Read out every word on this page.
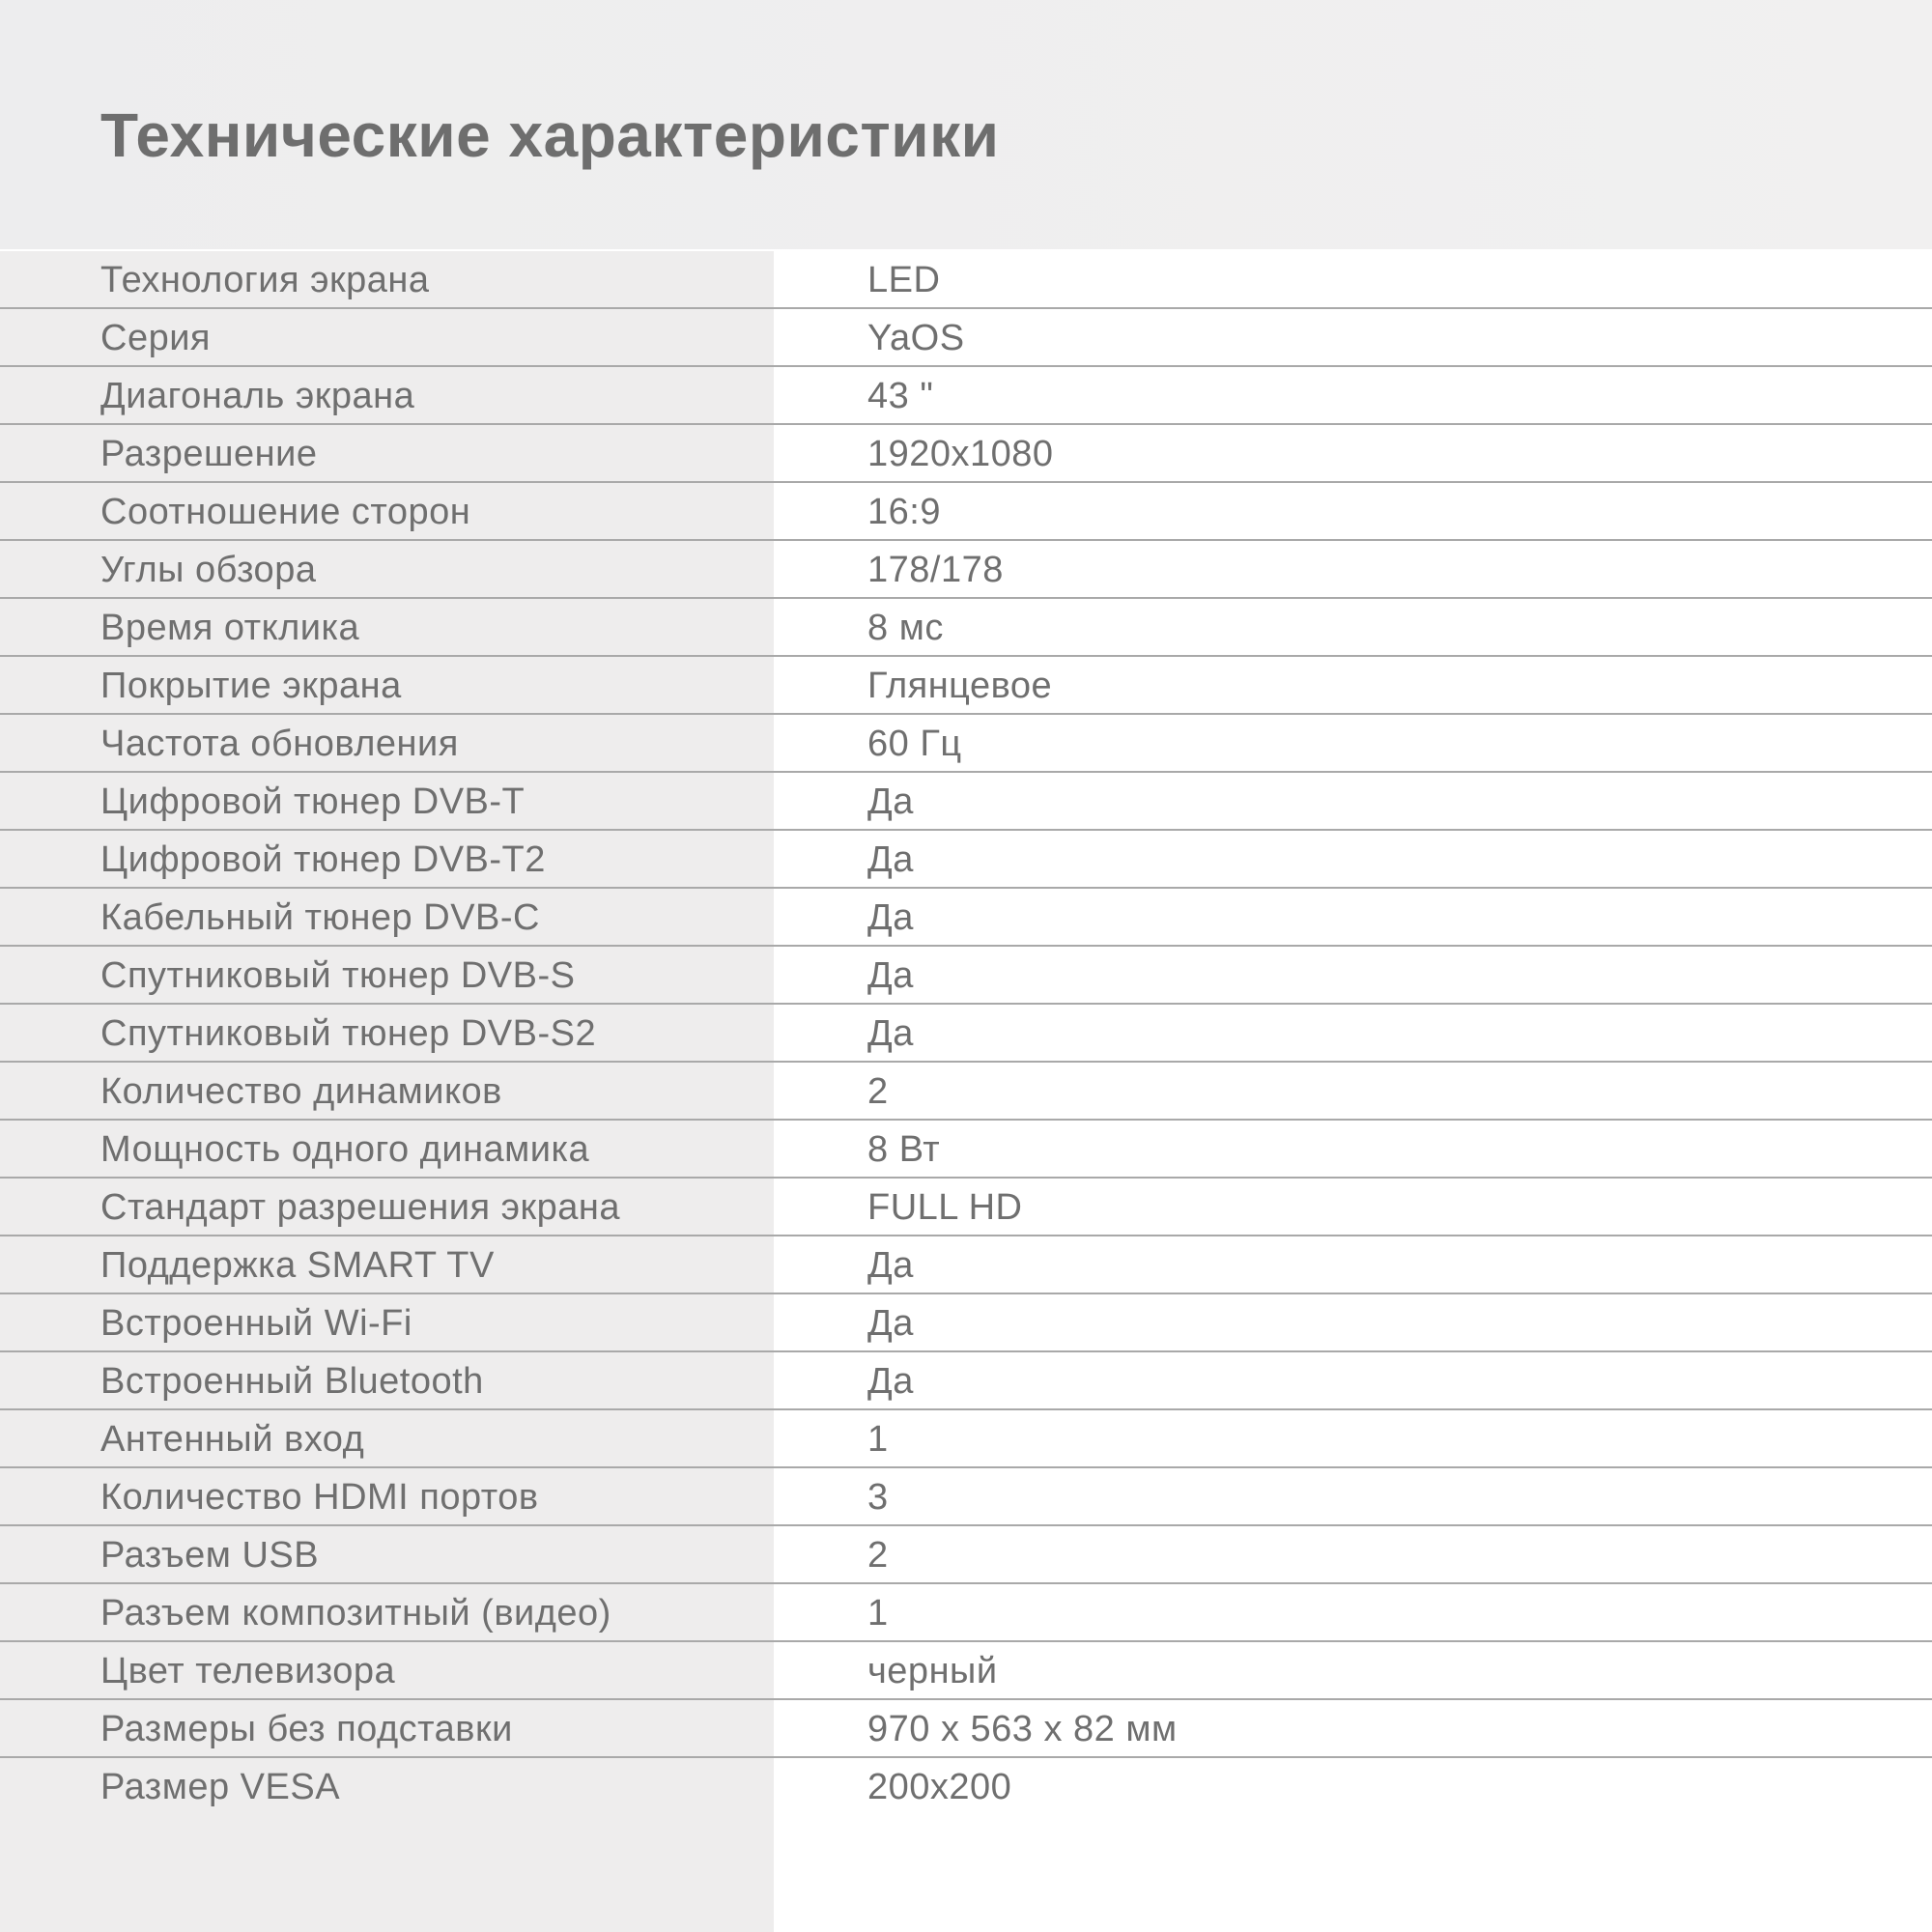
Технические характеристики
Технология экрана	LED
Серия	YaOS
Диагональ экрана	43 "
Разрешение	1920x1080
Соотношение сторон	16:9
Углы обзора	178/178
Время отклика	8 мс
Покрытие экрана	Глянцевое
Частота обновления	60 Гц
Цифровой тюнер DVB-T	Да
Цифровой тюнер DVB-T2	Да
Кабельный тюнер DVB-C	Да
Спутниковый тюнер DVB-S	Да
Спутниковый тюнер DVB-S2	Да
Количество динамиков	2
Мощность одного динамика	8 Вт
Стандарт разрешения экрана	FULL HD
Поддержка SMART TV	Да
Встроенный Wi-Fi	Да
Встроенный Bluetooth	Да
Антенный вход	1
Количество HDMI портов	3
Разъем USB	2
Разъем композитный (видео)	1
Цвет телевизора	черный
Размеры без подставки	970 x 563 x 82 мм
Размер VESA	200x200
